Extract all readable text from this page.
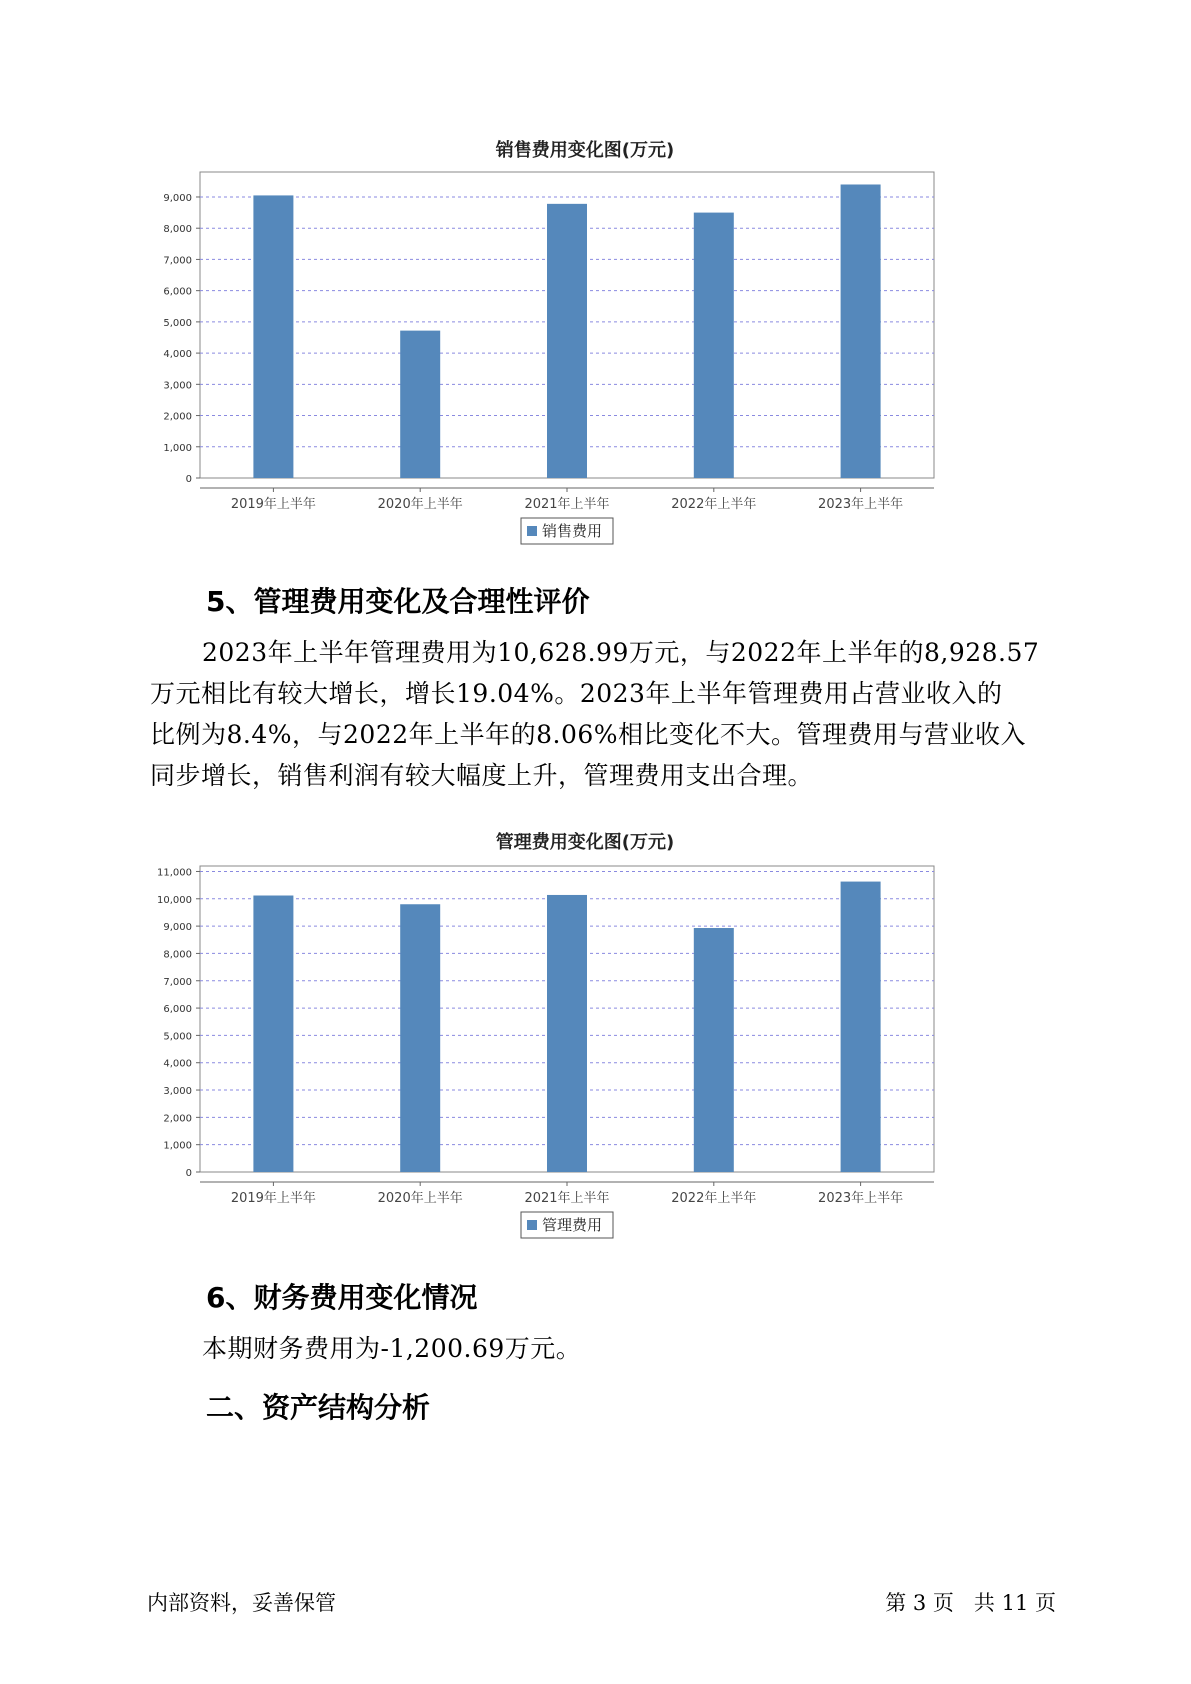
销售费用变化图(万元)
0
1,000
2,000
3,000
4,000
5,000
6,000
7,000
8,000
9,000
2019年上半年	2020年上半年	2021年上半年	2022年上半年	2023年上半年
销售费用
5、管理费用变化及合理性评价
2023年上半年管理费用为10,628.99万元，与2022年上半年的8,928.57
万元相比有较大增长，增长19.04%。2023年上半年管理费用占营业收入的
比例为8.4%，与2022年上半年的8.06%相比变化不大。管理费用与营业收入
同步增长，销售利润有较大幅度上升，管理费用支出合理。
管理费用变化图(万元)
0
1,000
2,000
3,000
4,000
5,000
6,000
7,000
8,000
9,000
10,000
11,000
2019年上半年	2020年上半年	2021年上半年	2022年上半年	2023年上半年
管理费用
6、财务费用变化情况
本期财务费用为-1,200.69万元。
二、资产结构分析
内部资料，妥善保管	第 3 页   共 11 页
